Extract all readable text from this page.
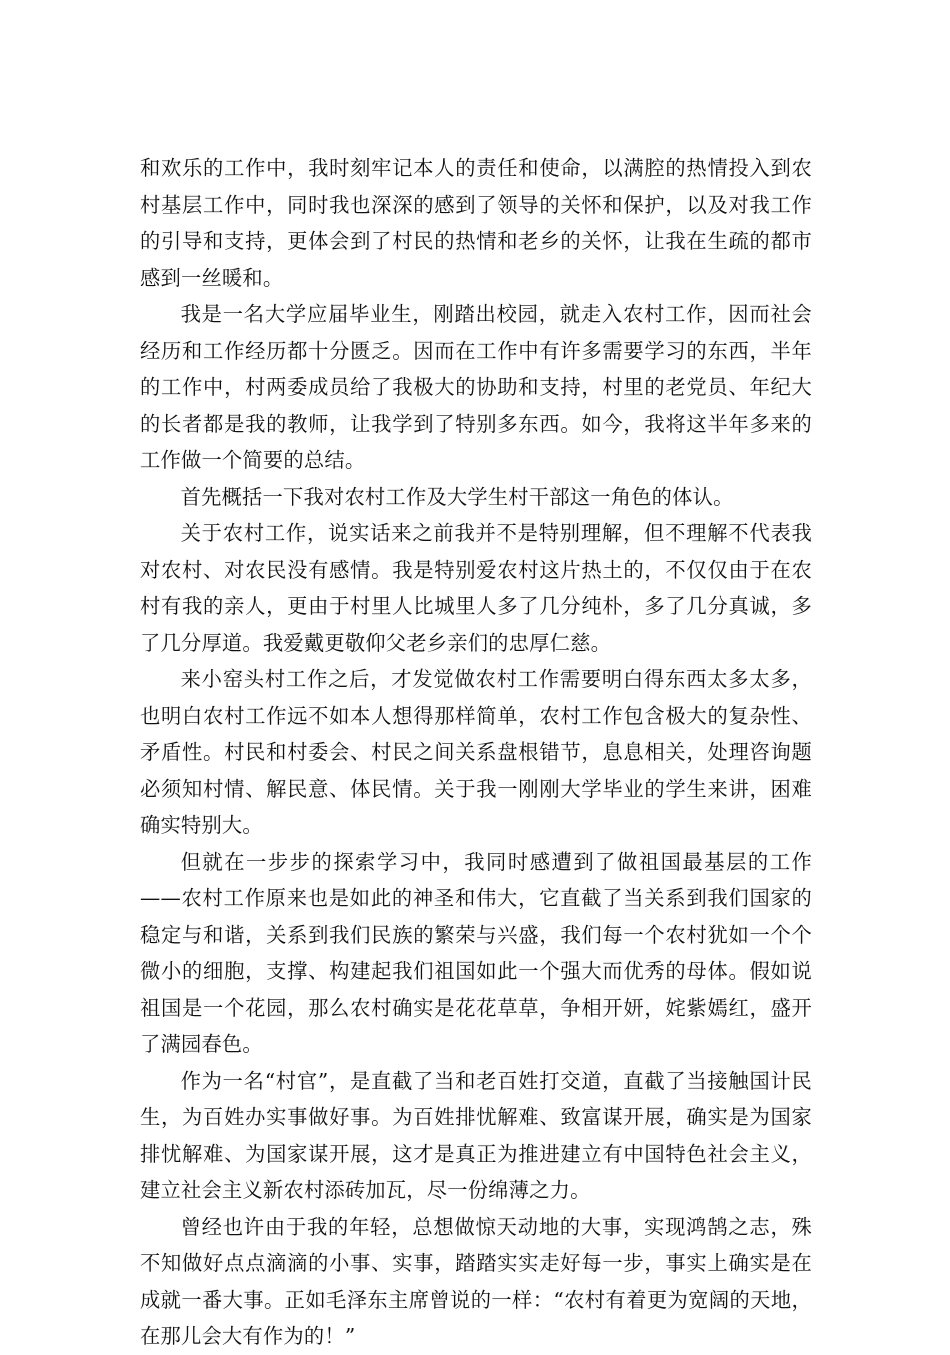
和欢乐的工作中，我时刻牢记本人的责任和使命，以满腔的热情投入到农村基层工作中，同时我也深深的感到了领导的关怀和保护，以及对我工作的引导和支持，更体会到了村民的热情和老乡的关怀，让我在生疏的都市感到一丝暖和。

我是一名大学应届毕业生，刚踏出校园，就走入农村工作，因而社会经历和工作经历都十分匮乏。因而在工作中有许多需要学习的东西，半年的工作中，村两委成员给了我极大的协助和支持，村里的老党员、年纪大的长者都是我的教师，让我学到了特别多东西。如今，我将这半年多来的工作做一个简要的总结。

首先概括一下我对农村工作及大学生村干部这一角色的体认。

关于农村工作，说实话来之前我并不是特别理解，但不理解不代表我对农村、对农民没有感情。我是特别爱农村这片热土的，不仅仅由于在农村有我的亲人，更由于村里人比城里人多了几分纯朴，多了几分真诚，多了几分厚道。我爱戴更敬仰父老乡亲们的忠厚仁慈。

来小窑头村工作之后，才发觉做农村工作需要明白得东西太多太多，也明白农村工作远不如本人想得那样简单，农村工作包含极大的复杂性、矛盾性。村民和村委会、村民之间关系盘根错节，息息相关，处理咨询题必须知村情、解民意、体民情。关于我一刚刚大学毕业的学生来讲，困难确实特别大。

但就在一步步的探索学习中，我同时感遭到了做祖国最基层的工作——农村工作原来也是如此的神圣和伟大，它直截了当关系到我们国家的稳定与和谐，关系到我们民族的繁荣与兴盛，我们每一个农村犹如一个个微小的细胞，支撑、构建起我们祖国如此一个强大而优秀的母体。假如说祖国是一个花园，那么农村确实是花花草草，争相开妍，姹紫嫣红，盛开了满园春色。

作为一名“村官”，是直截了当和老百姓打交道，直截了当接触国计民生，为百姓办实事做好事。为百姓排忧解难、致富谋开展，确实是为国家排忧解难、为国家谋开展，这才是真正为推进建立有中国特色社会主义，建立社会主义新农村添砖加瓦，尽一份绵薄之力。

曾经也许由于我的年轻，总想做惊天动地的大事，实现鸿鹄之志，殊不知做好点点滴滴的小事、实事，踏踏实实走好每一步，事实上确实是在成就一番大事。正如毛泽东主席曾说的一样：“农村有着更为宽阔的天地，在那儿会大有作为的！”
